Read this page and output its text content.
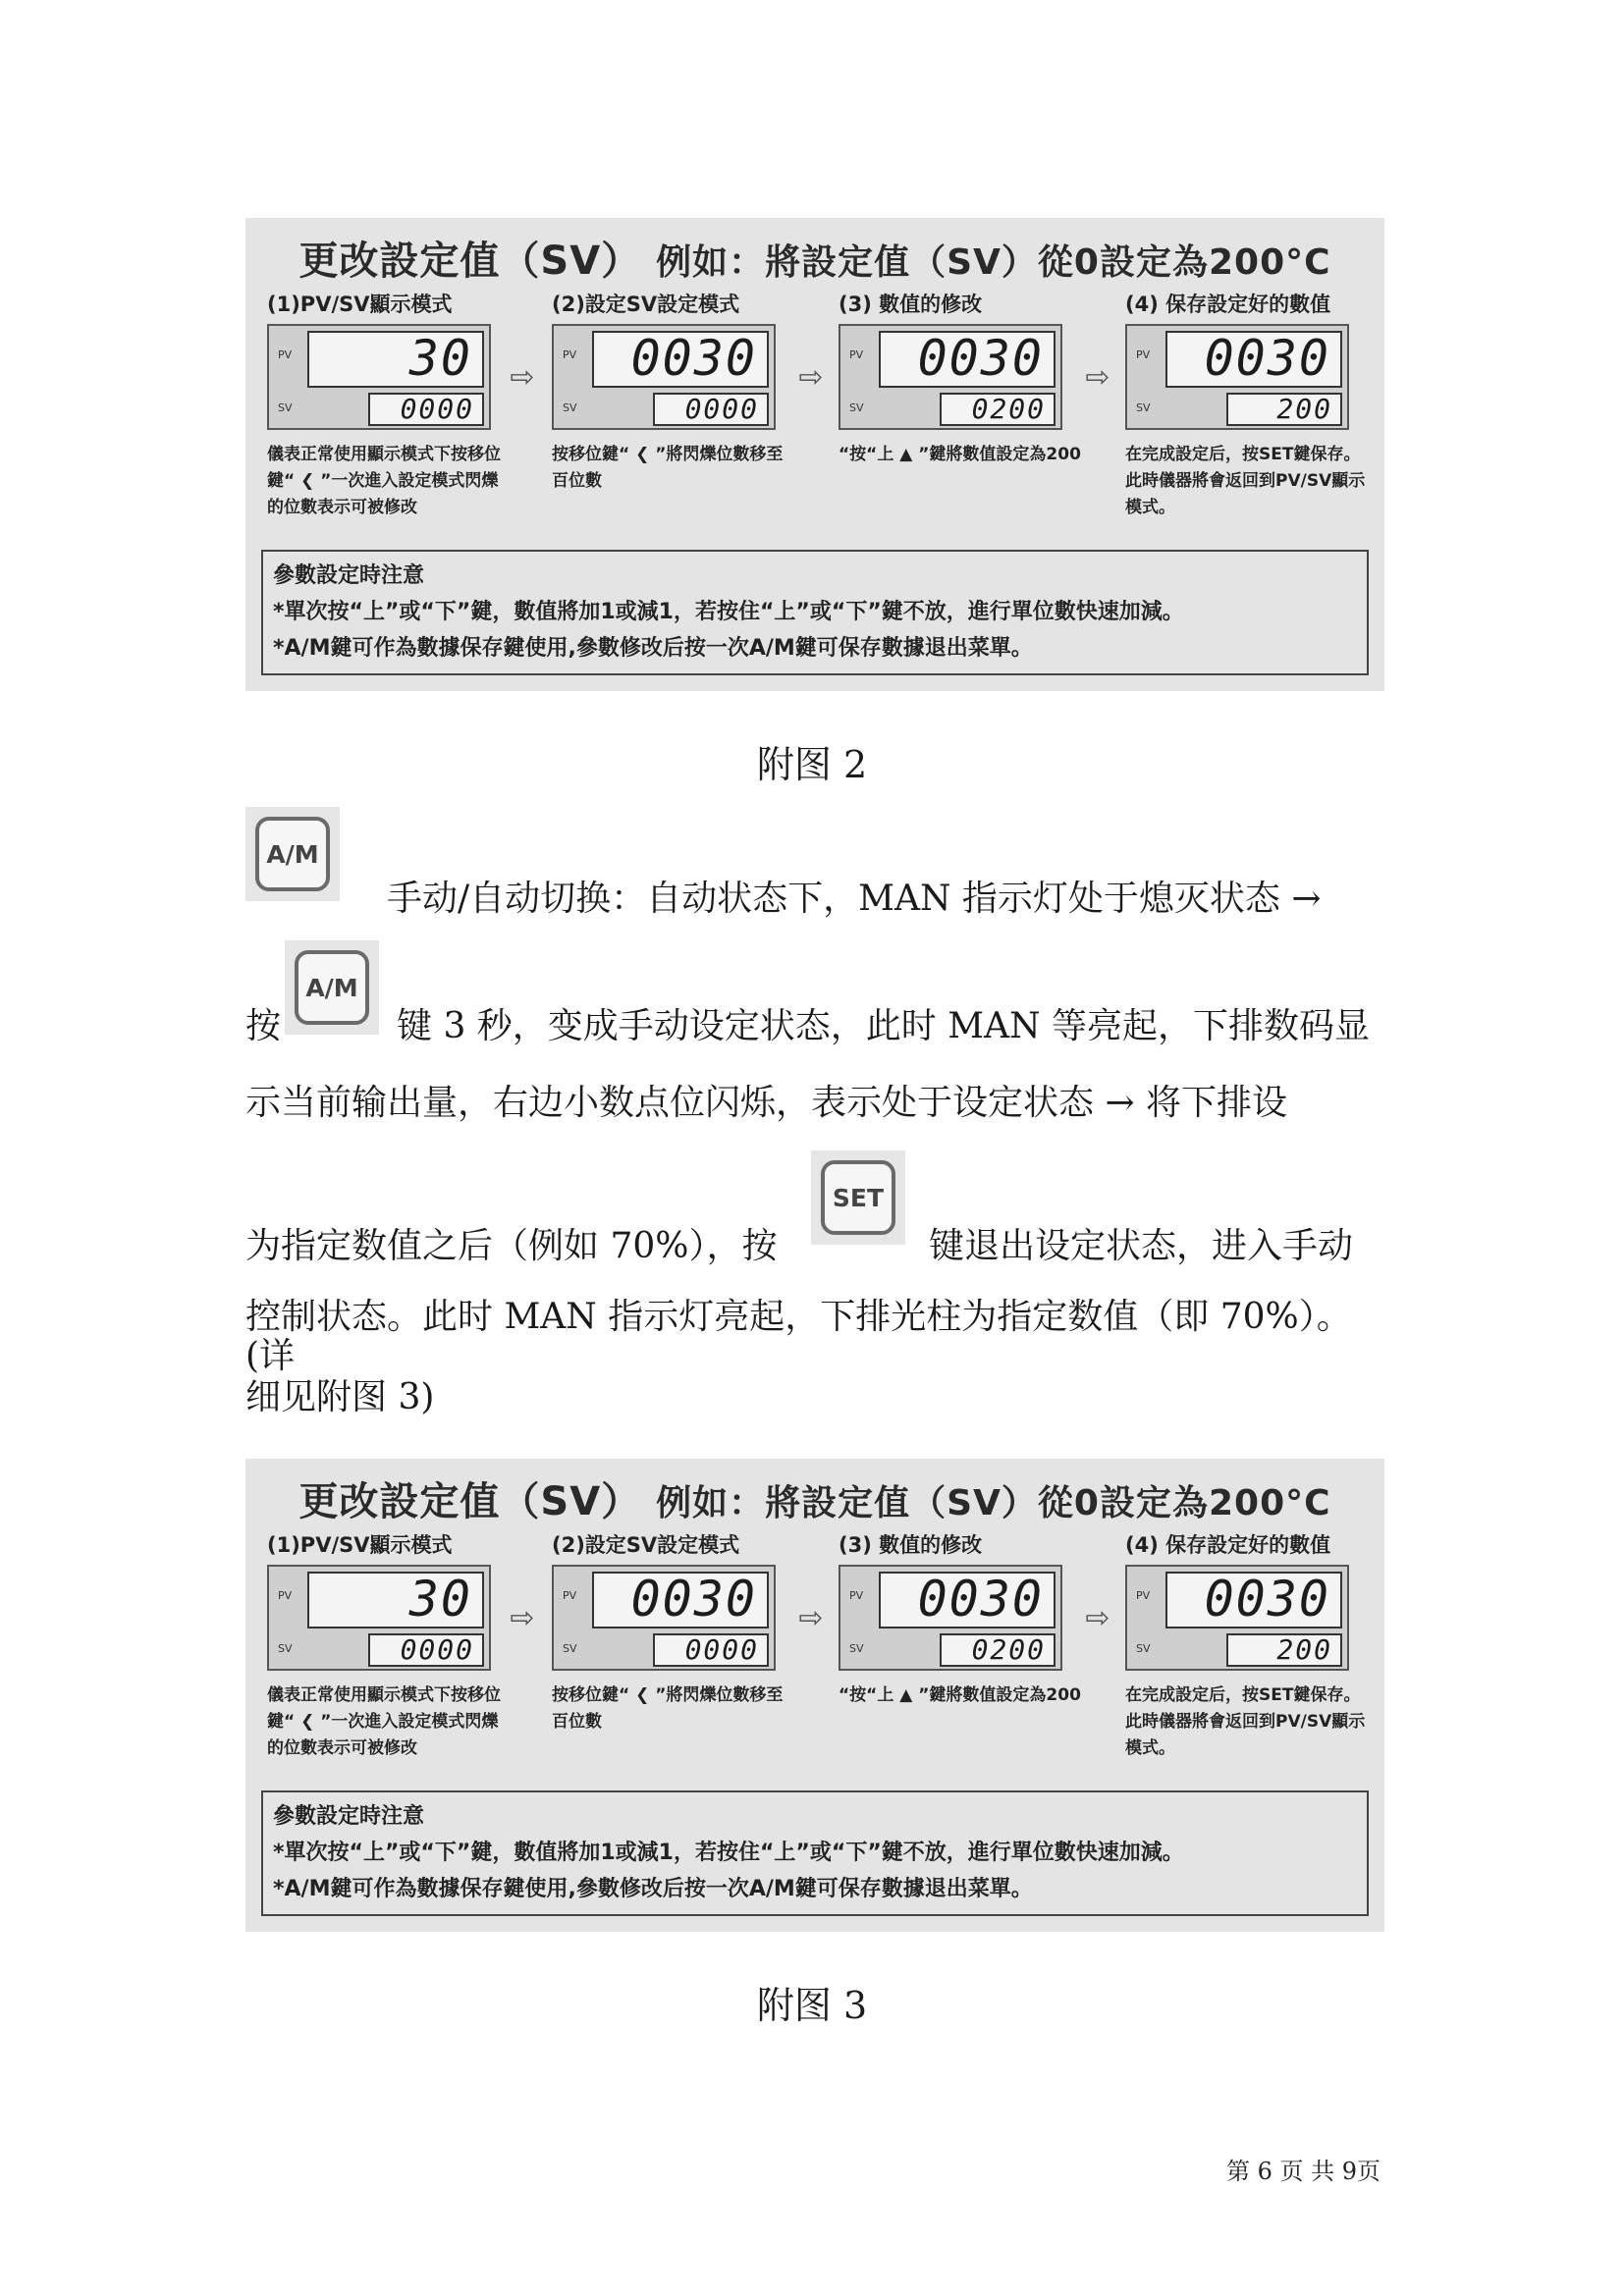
更改設定值（SV） 例如：將設定值（SV）從0設定為200°C
(1)PV/SV顯示模式
PV	30
SV	0000
儀表正常使用顯示模式下按移位鍵“ ❮ ”一次進入設定模式閃爍的位數表示可被修改
⇨
(2)設定SV設定模式
PV	0030
SV	0000
按移位鍵“ ❮ ”將閃爍位數移至百位數
⇨
(3) 數值的修改
PV	0030
SV	0200
“按“上 ▲ ”鍵將數值設定為200
⇨
(4) 保存設定好的數值
PV	0030
SV	200
在完成設定后，按SET鍵保存。此時儀器將會返回到PV/SV顯示模式。
參數設定時注意
*單次按“上”或“下”鍵，數值將加1或減1，若按住“上”或“下”鍵不放，進行單位數快速加減。
*A/M鍵可作為數據保存鍵使用,參數修改后按一次A/M鍵可保存數據退出菜單。
附图 2
A/M
手动/自动切换：自动状态下，MAN 指示灯处于熄灭状态 →
按
A/M
键 3 秒，变成手动设定状态，此时 MAN 等亮起，下排数码显
示当前输出量，右边小数点位闪烁，表示处于设定状态 → 将下排设
为指定数值之后（例如 70%），按
SET
键退出设定状态，进入手动
控制状态。此时 MAN 指示灯亮起，下排光柱为指定数值（即 70%）。(详
细见附图 3)
更改設定值（SV） 例如：將設定值（SV）從0設定為200°C
(1)PV/SV顯示模式
PV	30
SV	0000
儀表正常使用顯示模式下按移位鍵“ ❮ ”一次進入設定模式閃爍的位數表示可被修改
⇨
(2)設定SV設定模式
PV	0030
SV	0000
按移位鍵“ ❮ ”將閃爍位數移至百位數
⇨
(3) 數值的修改
PV	0030
SV	0200
“按“上 ▲ ”鍵將數值設定為200
⇨
(4) 保存設定好的數值
PV	0030
SV	200
在完成設定后，按SET鍵保存。此時儀器將會返回到PV/SV顯示模式。
參數設定時注意
*單次按“上”或“下”鍵，數值將加1或減1，若按住“上”或“下”鍵不放，進行單位數快速加減。
*A/M鍵可作為數據保存鍵使用,參數修改后按一次A/M鍵可保存數據退出菜單。
附图 3
第 6 页 共 9页
